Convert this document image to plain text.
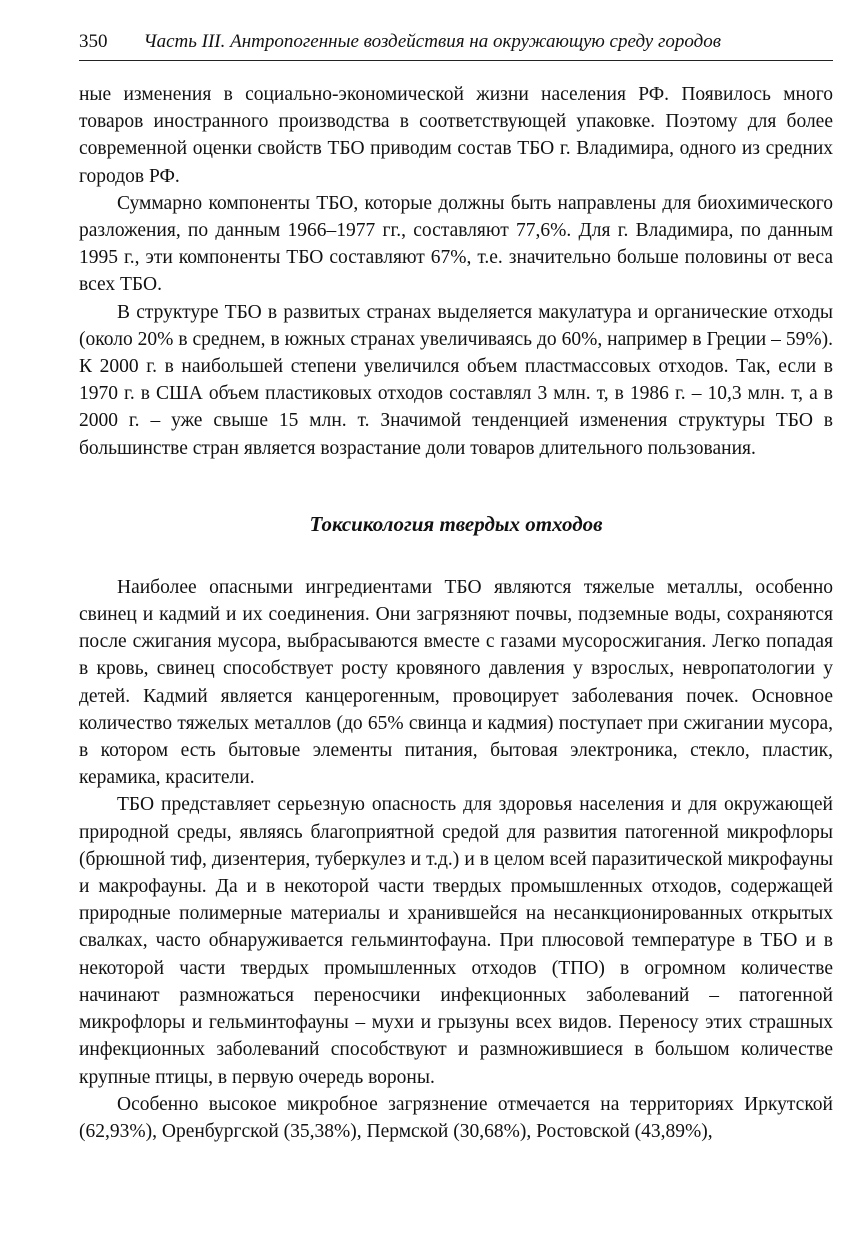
350 Часть III. Антропогенные воздействия на окружающую среду городов

ные изменения в социально-экономической жизни населения РФ. Появилось много товаров иностранного производства в соответствующей упаковке. Поэтому для более современной оценки свойств ТБО приводим состав ТБО г. Владимира, одного из средних городов РФ.

Суммарно компоненты ТБО, которые должны быть направлены для биохимического разложения, по данным 1966–1977 гг., составляют 77,6%. Для г. Владимира, по данным 1995 г., эти компоненты ТБО составляют 67%, т.е. значительно больше половины от веса всех ТБО.

В структуре ТБО в развитых странах выделяется макулатура и органические отходы (около 20% в среднем, в южных странах увеличиваясь до 60%, например в Греции – 59%). К 2000 г. в наибольшей степени увеличился объем пластмассовых отходов. Так, если в 1970 г. в США объем пластиковых отходов составлял 3 млн. т, в 1986 г. – 10,3 млн. т, а в 2000 г. – уже свыше 15 млн. т. Значимой тенденцией изменения структуры ТБО в большинстве стран является возрастание доли товаров длительного пользования.

Токсикология твердых отходов

Наиболее опасными ингредиентами ТБО являются тяжелые металлы, особенно свинец и кадмий и их соединения. Они загрязняют почвы, подземные воды, сохраняются после сжигания мусора, выбрасываются вместе с газами мусоросжигания. Легко попадая в кровь, свинец способствует росту кровяного давления у взрослых, невропатологии у детей. Кадмий является канцерогенным, провоцирует заболевания почек. Основное количество тяжелых металлов (до 65% свинца и кадмия) поступает при сжигании мусора, в котором есть бытовые элементы питания, бытовая электроника, стекло, пластик, керамика, красители.

ТБО представляет серьезную опасность для здоровья населения и для окружающей природной среды, являясь благоприятной средой для развития патогенной микрофлоры (брюшной тиф, дизентерия, туберкулез и т.д.) и в целом всей паразитической микрофауны и макрофауны. Да и в некоторой части твердых промышленных отходов, содержащей природные полимерные материалы и хранившейся на несанкционированных открытых свалках, часто обнаруживается гельминтофауна. При плюсовой температуре в ТБО и в некоторой части твердых промышленных отходов (ТПО) в огромном количестве начинают размножаться переносчики инфекционных заболеваний – патогенной микрофлоры и гельминтофауны – мухи и грызуны всех видов. Переносу этих страшных инфекционных заболеваний способствуют и размножившиеся в большом количестве крупные птицы, в первую очередь вороны.

Особенно высокое микробное загрязнение отмечается на территориях Иркутской (62,93%), Оренбургской (35,38%), Пермской (30,68%), Ростовской (43,89%),
